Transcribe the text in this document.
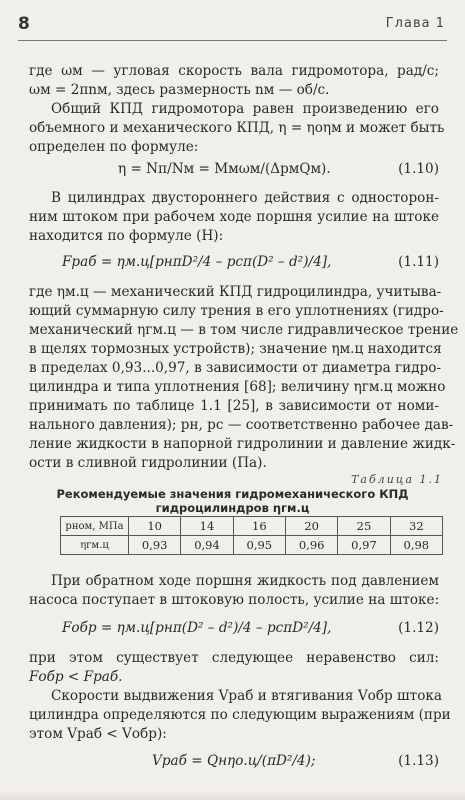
8	Глава 1
где ωм — угловая скорость вала гидромотора, рад/с;
ωм = 2πnм, здесь размерность nм — об/с.
Общий КПД гидромотора равен произведению его
объемного и механического КПД, η = ηоηм и может быть
определен по формуле:
η = Nп/Nм = Mмωм/(ΔpмQм).	(1.10)
В цилиндрах двустороннего действия с односторон-
ним штоком при рабочем ходе поршня усилие на штоке
находится по формуле (Н):
Fраб = ηм.ц[pнπD²/4 – pcπ(D² – d²)/4],	(1.11)
где ηм.ц — механический КПД гидроцилиндра, учитыва-
ющий суммарную силу трения в его уплотнениях (гидро-
механический ηгм.ц — в том числе гидравлическое трение
в щелях тормозных устройств); значение ηм.ц находится
в пределах 0,93...0,97, в зависимости от диаметра гидро-
цилиндра и типа уплотнения [68]; величину ηгм.ц можно
принимать по таблице 1.1 [25], в зависимости от номи-
нального давления); pн, pс — соответственно рабочее дав-
ление жидкости в напорной гидролинии и давление жидк-
ости в сливной гидролинии (Па).
Таблица 1.1
Рекомендуемые значения гидромеханического КПД
гидроцилиндров ηгм.ц
pном, МПа	10	14	16	20	25	32
ηгм.ц	0,93	0,94	0,95	0,96	0,97	0,98
При обратном ходе поршня жидкость под давлением
насоса поступает в штоковую полость, усилие на штоке:
Fобр = ηм.ц[pнπ(D² – d²)/4 – pcπD²/4],	(1.12)
при этом существует следующее неравенство сил:
Fобр < Fраб.
Скорости выдвижения Vраб и втягивания Vобр штока
цилиндра определяются по следующим выражениям (при
этом Vраб < Vобр):
Vраб = Qнηо.ц/(πD²/4);	(1.13)
